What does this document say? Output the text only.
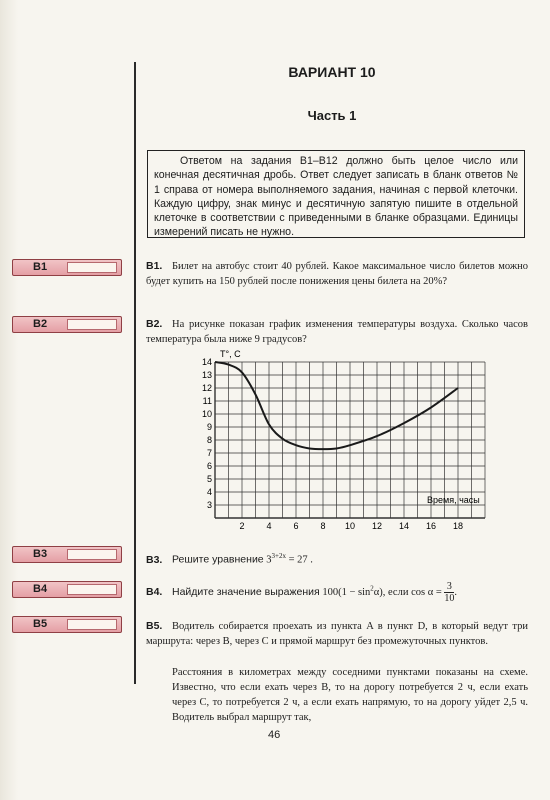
ВАРИАНТ 10
Часть 1
Ответом на задания В1–В12 должно быть целое число или конечная десятичная дробь. Ответ следует записать в бланк ответов № 1 справа от номера выполняемого задания, начиная с первой клеточки. Каждую цифру, знак минус и десятичную запятую пишите в отдельной клеточке в соответствии с приведенными в бланке образцами. Единицы измерений писать не нужно.
В1
В2
В3
В4
В5
В1. Билет на автобус стоит 40 рублей. Какое максимальное число билетов можно будет купить на 150 рублей после понижения цены билета на 20%?
В2. На рисунке показан график изменения температуры воздуха. Сколько часов температура была ниже 9 градусов?
2 4 6 8 10 12 14 16 18
3
4
5
6
7
8
9
10
11
12
13
14
T°, C
Время, часы
В3. Решите уравнение $3^{3+2x} = 27$ .
В4. Найдите значение выражения $100(1 - \sin^2\alpha)$, если $\cos \alpha = \frac{3}{10}$.
В5. Водитель собирается проехать из пункта A в пункт D, в который ведут три маршрута: через B, через C и прямой маршрут без промежуточных пунктов.
Расстояния в километрах между соседними пунктами показаны на схеме. Известно, что если ехать через B, то на дорогу потребуется 2 ч, если ехать через C, то потребуется 2 ч, а если ехать напрямую, то на дорогу уйдет 2,5 ч. Водитель выбрал маршрут так,
46
